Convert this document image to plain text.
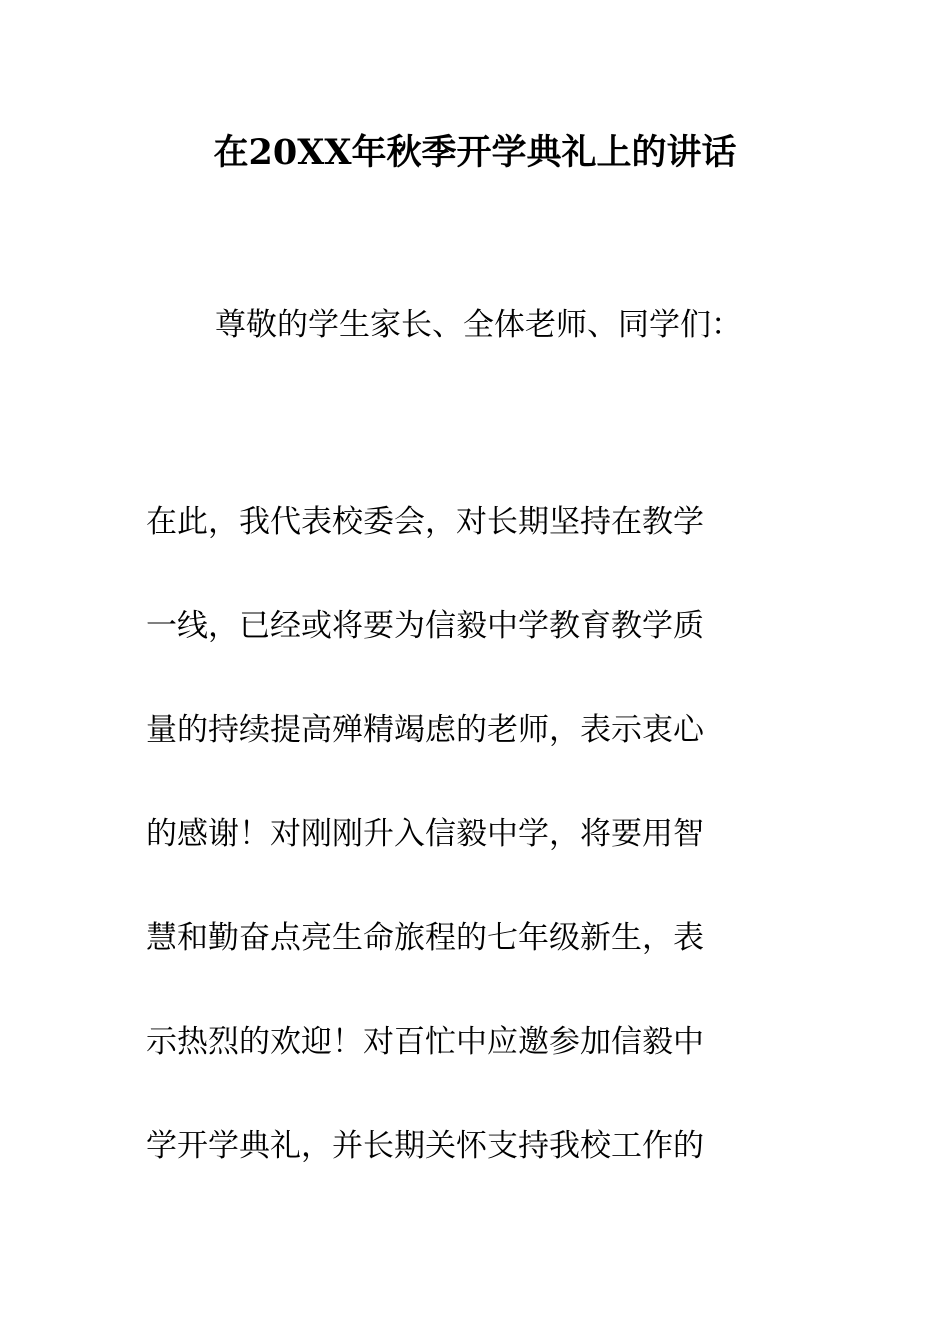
在20XX年秋季开学典礼上的讲话
尊敬的学生家长、全体老师、同学们：
在此，我代表校委会，对长期坚持在教学
一线，已经或将要为信毅中学教育教学质
量的持续提高殚精竭虑的老师，表示衷心
的感谢！对刚刚升入信毅中学，将要用智
慧和勤奋点亮生命旅程的七年级新生，表
示热烈的欢迎！对百忙中应邀参加信毅中
学开学典礼，并长期关怀支持我校工作的
